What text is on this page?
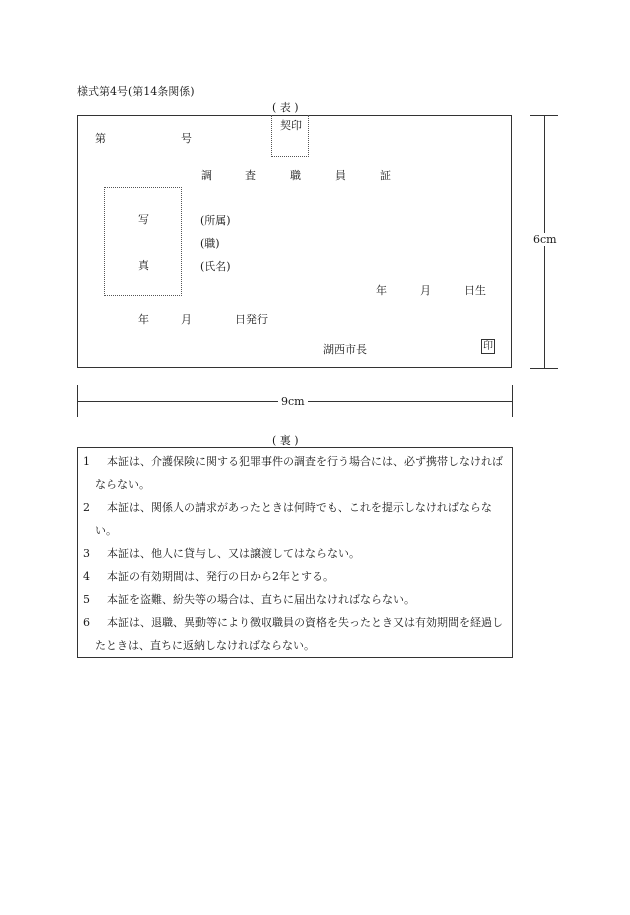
様式第4号(第14条関係)
( 表 )
契印
第	号
調	査	職	員	証
写
真
(所属)
(職)
(氏名)
年	月	日生
年	月	日発行
湖西市長	印
6cm
9cm
( 裏 )
1 本証は、介護保険に関する犯罪事件の調査を行う場合には、必ず携帯しなければ
ならない。
2 本証は、関係人の請求があったときは何時でも、これを提示しなければならな
い。
3 本証は、他人に貸与し、又は譲渡してはならない。
4 本証の有効期間は、発行の日から2年とする。
5 本証を盗難、紛失等の場合は、直ちに届出なければならない。
6 本証は、退職、異動等により徴収職員の資格を失ったとき又は有効期間を経過し
たときは、直ちに返納しなければならない。
